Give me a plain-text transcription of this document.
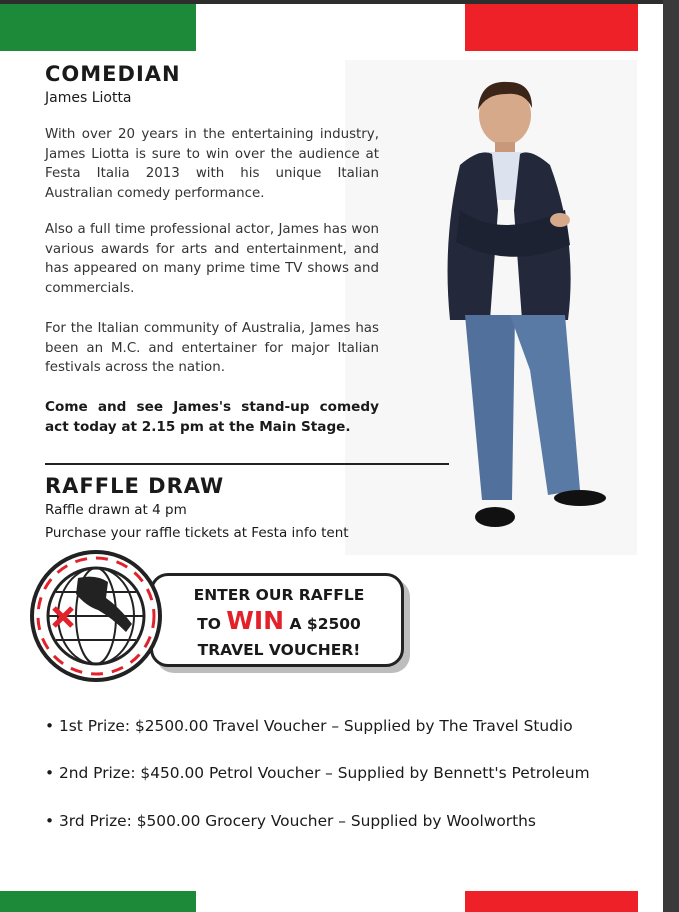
COMEDIAN
James Liotta

With over 20 years in the entertaining industry, James Liotta is sure to win over the audience at Festa Italia 2013 with his unique Italian Australian comedy performance.

Also a full time professional actor, James has won various awards for arts and entertainment, and has appeared on many prime time TV shows and commercials.

For the Italian community of Australia, James has been an M.C. and entertainer for major Italian festivals across the nation.

Come and see James's stand-up comedy act today at 2.15 pm at the Main Stage.

RAFFLE DRAW
Raffle drawn at 4 pm
Purchase your raffle tickets at Festa info tent
ENTER OUR RAFFLE
TO WIN A $2500
TRAVEL VOUCHER!
• 1st Prize: $2500.00 Travel Voucher – Supplied by The Travel Studio
• 2nd Prize: $450.00 Petrol Voucher – Supplied by Bennett's Petroleum
• 3rd Prize: $500.00 Grocery Voucher – Supplied by Woolworths
